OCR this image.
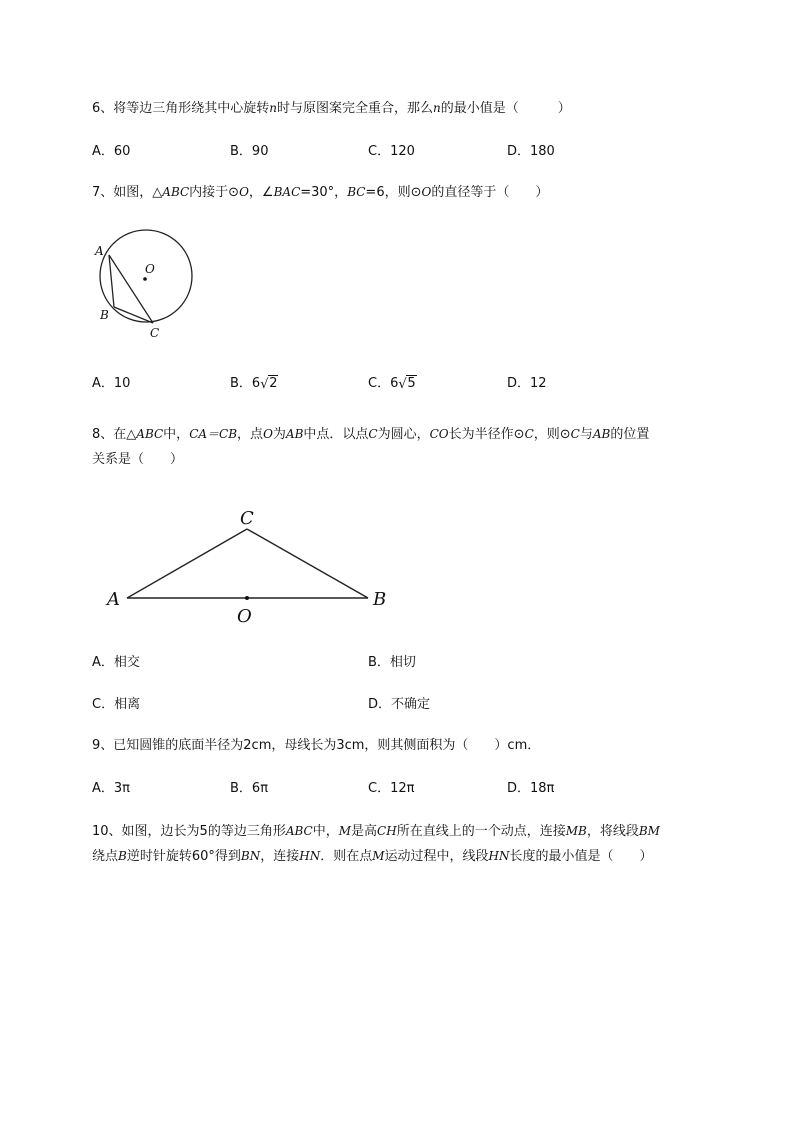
6、将等边三角形绕其中心旋转n时与原图案完全重合，那么n的最小值是（　　　）
A．60	B．90	C．120	D．180
7、如图，△ABC内接于⊙O，∠BAC=30°，BC=6，则⊙O的直径等于（　　）
A
O
B
C
A．10	B．6 √ 2	C．6 √ 5	D．12
8、在△ABC中，CA＝CB，点O为AB中点．以点C为圆心，CO长为半径作⊙C，则⊙C与AB的位置
关系是（　　）
C
A	B
O
A．相交	B．相切
C．相离	D．不确定
9、已知圆锥的底面半径为2cm，母线长为3cm，则其侧面积为（　　）cm．
A．3π	B．6π	C．12π	D．18π
10、如图，边长为5的等边三角形ABC中，M是高CH所在直线上的一个动点，连接MB，将线段BM
绕点B逆时针旋转60°得到BN，连接HN．则在点M运动过程中，线段HN长度的最小值是（　　）
